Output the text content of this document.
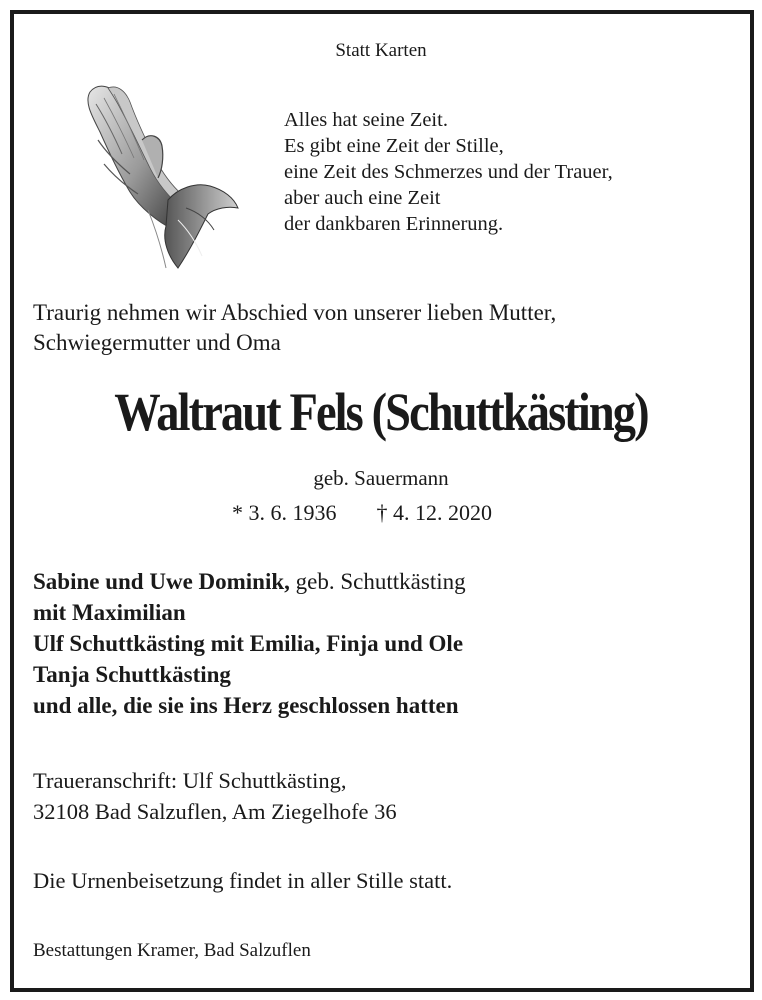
Statt Karten

Alles hat seine Zeit.
Es gibt eine Zeit der Stille,
eine Zeit des Schmerzes und der Trauer,
aber auch eine Zeit
der dankbaren Erinnerung.
Traurig nehmen wir Abschied von unserer lieben Mutter,
Schwiegermutter und Oma

Waltraut Fels (Schuttkästing)

geb. Sauermann

* 3. 6. 1936 † 4. 12. 2020

Sabine und Uwe Dominik, geb. Schuttkästing
mit Maximilian
Ulf Schuttkästing mit Emilia, Finja und Ole
Tanja Schuttkästing
und alle, die sie ins Herz geschlossen hatten
Traueranschrift: Ulf Schuttkästing,
32108 Bad Salzuflen, Am Ziegelhofe 36

Die Urnenbeisetzung findet in aller Stille statt.

Bestattungen Kramer, Bad Salzuflen
